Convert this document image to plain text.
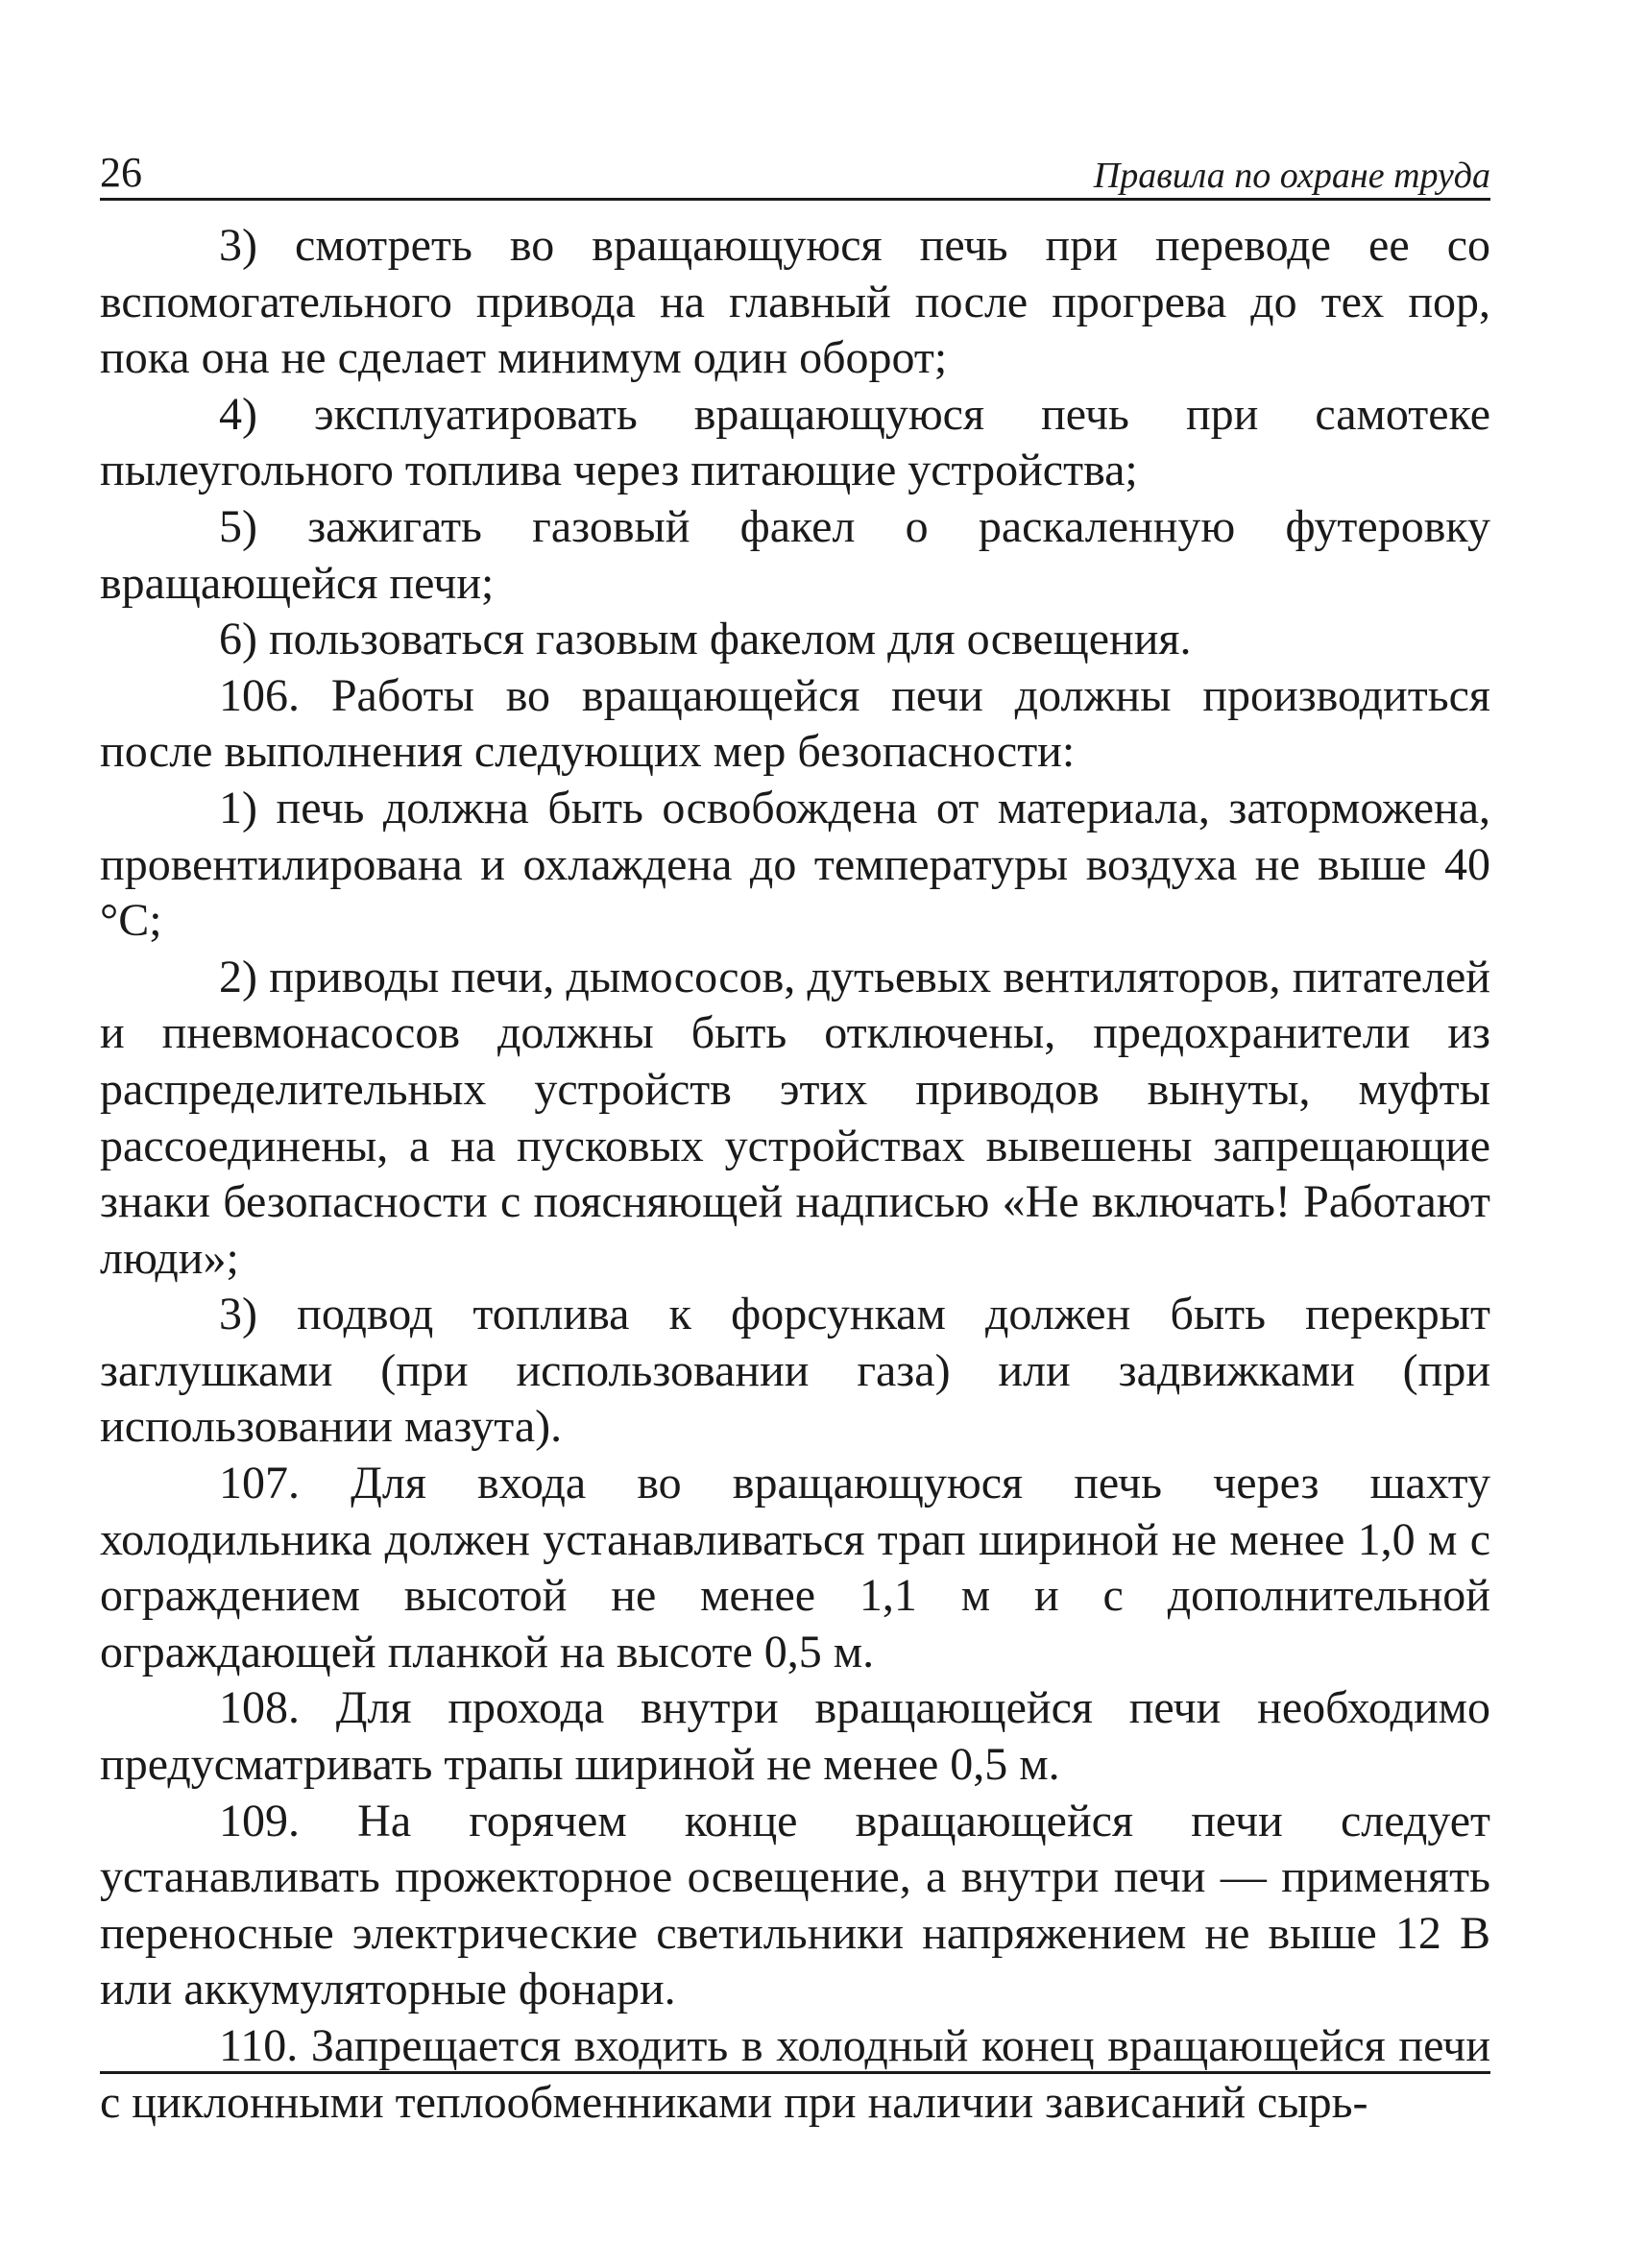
26	Правила по охране труда

3) смотреть во вращающуюся печь при переводе ее со вспомогательного привода на главный после прогрева до тех пор, пока она не сделает минимум один оборот;

4) эксплуатировать вращающуюся печь при самотеке пылеугольного топлива через питающие устройства;

5) зажигать газовый факел о раскаленную футеровку вращающейся печи;

6) пользоваться газовым факелом для освещения.

106. Работы во вращающейся печи должны производиться после выполнения следующих мер безопасности:

1) печь должна быть освобождена от материала, заторможена, провентилирована и охлаждена до температуры воздуха не выше 40 °С;

2) приводы печи, дымососов, дутьевых вентиляторов, питателей и пневмонасосов должны быть отключены, предохранители из распределительных устройств этих приводов вынуты, муфты рассоединены, а на пусковых устройствах вывешены запрещающие знаки безопасности с поясняющей надписью «Не включать! Работают люди»;

3) подвод топлива к форсункам должен быть перекрыт заглушками (при использовании газа) или задвижками (при использовании мазута).

107. Для входа во вращающуюся печь через шахту холодильника должен устанавливаться трап шириной не менее 1,0 м с ограждением высотой не менее 1,1 м и с дополнительной ограждающей планкой на высоте 0,5 м.

108. Для прохода внутри вращающейся печи необходимо предусматривать трапы шириной не менее 0,5 м.

109. На горячем конце вращающейся печи следует устанавливать прожекторное освещение, а внутри печи — применять переносные электрические светильники напряжением не выше 12 В или аккумуляторные фонари.

110. Запрещается входить в холодный конец вращающейся печи с циклонными теплообменниками при наличии зависаний сырь-
